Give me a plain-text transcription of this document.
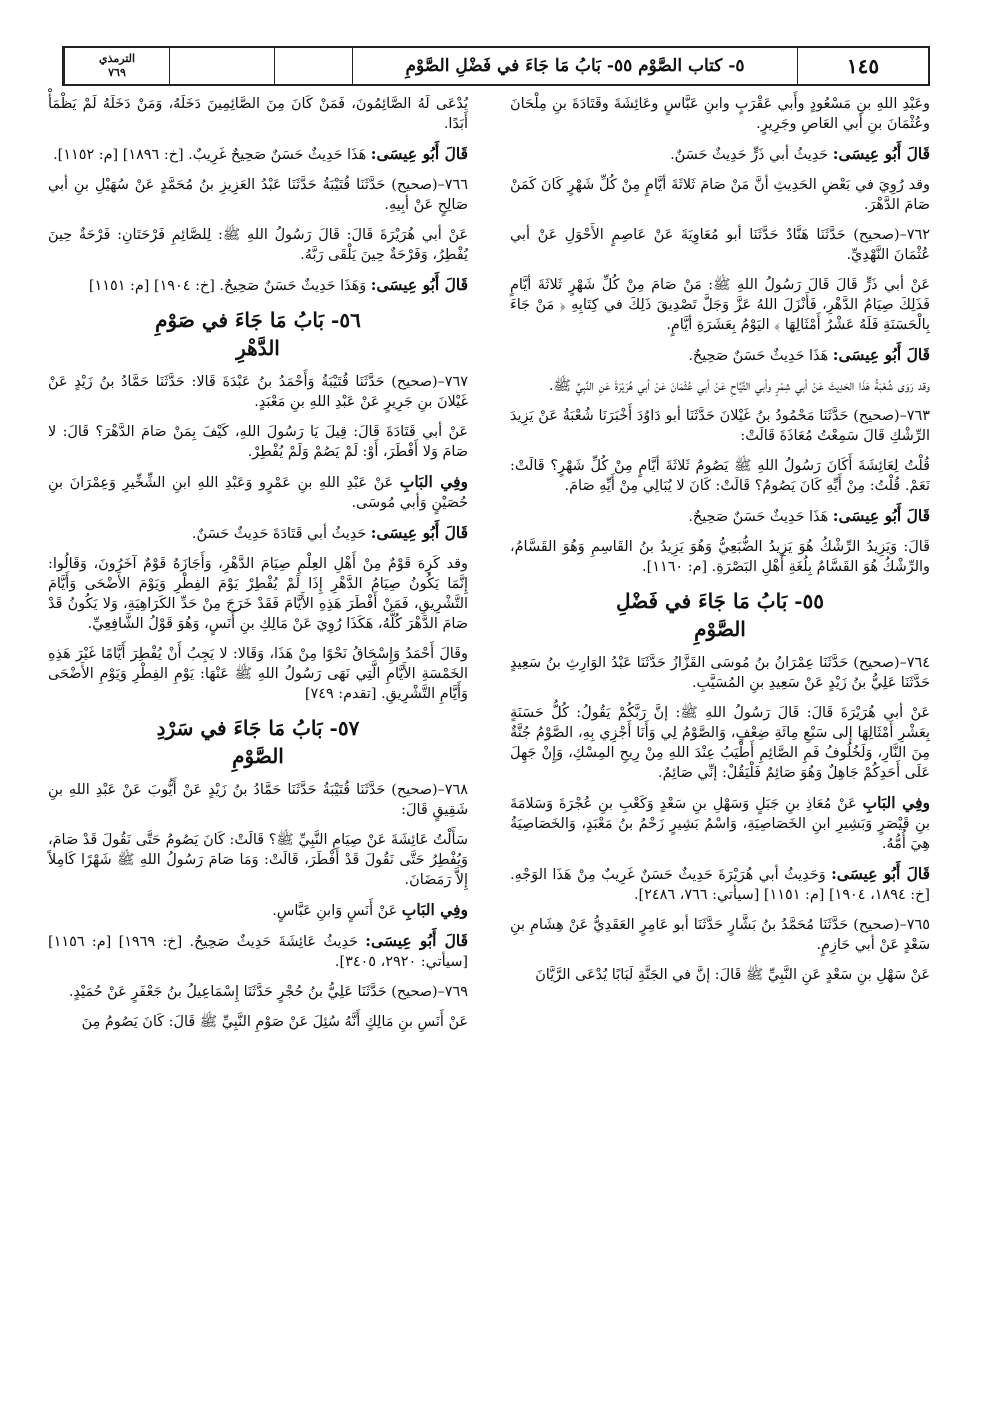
١٤٥
٥- كتاب الصَّوْم ٥٥- بَابُ مَا جَاءَ في فَضْلِ الصَّوْمِ
الترمذي
٧٦٩

وعَبْدِ اللهِ بنِ مَسْعُودٍ وأَبي عَقْرَبٍ وابنِ عَبَّاسٍ وعَائِشَةَ وقَتَادَةَ بنِ مِلْحَانَ وعُثْمَانَ بنِ أبي العَاصِ وجَرِيرٍ.

قَالَ أَبُو عِيسَى: حَدِيثُ أبي ذَرٍّ حَدِيثٌ حَسَنٌ.

وقد رُوِيَ في بَعْضِ الحَدِيثِ أنَّ مَنْ صَامَ ثَلاثَةَ أيَّامٍ مِنْ كُلِّ شَهْرٍ كَانَ كَمَنْ صَامَ الدَّهْرَ.

٧٦٢–(صحيح) حَدَّثَنَا هَنَّادٌ حَدَّثَنَا أبو مُعَاوِيَةَ عَنْ عَاصِمٍ الأَحْوَلِ عَنْ أبي عُثْمَانَ النَّهْدِيِّ.

عَنْ أبي ذَرٍّ قَالَ قَالَ رَسُولُ اللهِ ﷺ: مَنْ صَامَ مِنْ كُلِّ شَهْرٍ ثَلاثَةَ أيَّامٍ فَذَلِكَ صِيَامُ الدَّهْرِ، فَأَنْزَلَ اللهُ عَزَّ وَجَلَّ تَصْدِيقَ ذَلِكَ في كِتَابِهِ ﴿ مَنْ جَاءَ بِالْحَسَنَةِ فَلَهُ عَشْرُ أَمْثَالِهَا ﴾ اليَوْمُ بِعَشَرَةِ أيَّامٍ.

قَالَ أَبُو عِيسَى: هَذَا حَدِيثٌ حَسَنٌ صَحِيحٌ.

وقد رَوَى شُعْبَةُ هَذَا الحَدِيثَ عَنْ أبي شِمْرٍ وأبي التَّيَّاحِ عَنْ أبي عُثْمَانَ عَنْ أبي هُرَيْرَةَ عَنِ النَّبِيِّ ﷺ.

٧٦٣–(صحيح) حَدَّثَنَا مَحْمُودُ بنُ غَيْلانَ حَدَّثَنَا أبو دَاوُدَ أَخْبَرَنَا شُعْبَةُ عَنْ يَزِيدَ الرِّشْكِ قَالَ سَمِعْتُ مُعَاذَةَ قَالَتْ:

قُلْتُ لِعَائِشَةَ أَكَانَ رَسُولُ اللهِ ﷺ يَصُومُ ثَلاثَةَ أيَّامٍ مِنْ كُلِّ شَهْرٍ؟ قَالَتْ: نَعَمْ. قُلْتُ: مِنْ أَيِّهِ كَانَ يَصُومُ؟ قَالَتْ: كَانَ لا يُبَالِي مِنْ أَيِّهِ صَامَ.

قَالَ أَبُو عِيسَى: هَذَا حَدِيثٌ حَسَنٌ صَحِيحٌ.

قَالَ: وَيَزِيدُ الرِّشْكُ هُوَ يَزِيدُ الضُّبَعِيُّ وَهُوَ يَزِيدُ بنُ القَاسِمِ وَهُوَ القَسَّامُ، والرِّشْكُ هُوَ القَسَّامُ بِلُغَةِ أَهْلِ البَصْرَةِ. [م: ١١٦٠].

٥٥- بَابُ مَا جَاءَ في فَضْلِ
الصَّوْمِ

٧٦٤–(صحيح) حَدَّثَنَا عِمْرَانُ بنُ مُوسَى القَزَّازُ حَدَّثَنَا عَبْدُ الوَارِثِ بنُ سَعِيدٍ حَدَّثَنَا عَلِيُّ بنُ زَيْدٍ عَنْ سَعِيدِ بنِ المُسَيَّبِ.

عَنْ أبي هُرَيْرَةَ قَالَ: قَالَ رَسُولُ اللهِ ﷺ: إنَّ رَبَّكُمْ يَقُولُ: كُلُّ حَسَنَةٍ بِعَشْرِ أَمْثَالِهَا إلى سَبْعِ مِائَةِ ضِعْفٍ، وَالصَّوْمُ لِي وَأَنَا أَجْزِي بِهِ، الصَّوْمُ جُنَّةٌ مِنَ النَّارِ، وَلَخُلُوفُ فَمِ الصَّائِمِ أَطْيَبُ عِنْدَ اللهِ مِنْ رِيحِ المِسْكِ، وَإِنْ جَهِلَ عَلَى أَحَدِكُمْ جَاهِلٌ وَهُوَ صَائِمٌ فَلْيَقُلْ: إنِّي صَائِمٌ.

وفِي البَابِ عَنْ مُعَاذِ بنِ جَبَلٍ وَسَهْلِ بنِ سَعْدٍ وَكَعْبِ بنِ عُجْرَةَ وَسَلامَةَ بنِ قَيْصَرٍ وَبَشِيرِ ابنِ الخَصَاصِيَةِ، وَاسْمُ بَشِيرٍ زَحْمُ بنُ مَعْبَدٍ، وَالخَصَاصِيَةُ هِيَ أُمُّهُ.

قَالَ أَبُو عِيسَى: وَحَدِيثُ أبي هُرَيْرَةَ حَدِيثٌ حَسَنٌ غَرِيبٌ مِنْ هَذَا الوَجْهِ. [خ: ١٨٩٤، ١٩٠٤] [م: ١١٥١] [سيأتي: ٧٦٦، ٢٤٨٦].

٧٦٥–(صحيح) حَدَّثَنَا مُحَمَّدُ بنُ بَشَّارٍ حَدَّثَنَا أبو عَامِرٍ العَقَدِيُّ عَنْ هِشَامِ بنِ سَعْدٍ عَنْ أبي حَازِمٍ.

عَنْ سَهْلِ بنِ سَعْدٍ عَنِ النَّبِيِّ ﷺ قَالَ: إنَّ في الجَنَّةِ لَبَابًا يُدْعَى الرَّيَّانَ

يُدْعَى لَهُ الصَّائِمُونَ، فَمَنْ كَانَ مِنَ الصَّائِمِينَ دَخَلَهُ، وَمَنْ دَخَلَهُ لَمْ يَظْمَأْ أَبَدًا.

قَالَ أَبُو عِيسَى: هَذَا حَدِيثٌ حَسَنٌ صَحِيحٌ غَرِيبٌ. [خ: ١٨٩٦] [م: ١١٥٢].

٧٦٦–(صحيح) حَدَّثَنَا قُتَيْبَةُ حَدَّثَنَا عَبْدُ العَزِيزِ بنُ مُحَمَّدٍ عَنْ سُهَيْلِ بنِ أبي صَالِحٍ عَنْ أبِيهِ.

عَنْ أبي هُرَيْرَةَ قَالَ: قَالَ رَسُولُ اللهِ ﷺ: لِلصَّائِمِ فَرْحَتَانِ: فَرْحَةٌ حِينَ يُفْطِرُ، وَفَرْحَةٌ حِينَ يَلْقَى رَبَّهُ.

قَالَ أَبُو عِيسَى: وَهَذَا حَدِيثٌ حَسَنٌ صَحِيحٌ. [خ: ١٩٠٤] [م: ١١٥١]

٥٦- بَابُ مَا جَاءَ في صَوْمِ
الدَّهْرِ

٧٦٧–(صحيح) حَدَّثَنَا قُتَيْبَةُ وَأَحْمَدُ بنُ عَبْدَةَ قَالا: حَدَّثَنَا حَمَّادُ بنُ زَيْدٍ عَنْ غَيْلانَ بنِ جَرِيرٍ عَنْ عَبْدِ اللهِ بنِ مَعْبَدٍ.

عَنْ أبي قَتَادَةَ قَالَ: قِيلَ يَا رَسُولَ اللهِ، كَيْفَ بِمَنْ صَامَ الدَّهْرَ؟ قَالَ: لا صَامَ وَلا أَفْطَرَ، أَوْ: لَمْ يَصُمْ وَلَمْ يُفْطِرْ.

وفِي البَابِ عَنْ عَبْدِ اللهِ بنِ عَمْرٍو وَعَبْدِ اللهِ ابنِ الشِّخِّيرِ وَعِمْرَانَ بنِ حُصَيْنٍ وَأبي مُوسَى.

قَالَ أَبُو عِيسَى: حَدِيثُ أبي قَتَادَةَ حَدِيثٌ حَسَنٌ.

وقد كَرِهَ قَوْمٌ مِنْ أَهْلِ العِلْمِ صِيَامَ الدَّهْرِ، وَأَجَازَهُ قَوْمٌ آخَرُونَ، وَقَالُوا: إِنَّمَا يَكُونُ صِيَامُ الدَّهْرِ إِذَا لَمْ يُفْطِرْ يَوْمَ الفِطْرِ وَيَوْمَ الأَضْحَى وَأَيَّامَ التَّشْرِيقِ، فَمَنْ أَفْطَرَ هَذِهِ الأَيَّامَ فَقَدْ خَرَجَ مِنْ حَدِّ الكَرَاهِيَةِ، وَلا يَكُونُ قَدْ صَامَ الدَّهْرَ كُلَّهُ، هَكَذَا رُوِيَ عَنْ مَالِكِ بنِ أَنَسٍ، وَهُوَ قَوْلُ الشَّافِعِيِّ.

وقَالَ أَحْمَدُ وَإِسْحَاقُ نَحْوًا مِنْ هَذَا، وَقَالا: لا يَجِبُ أَنْ يُفْطِرَ أَيَّامًا غَيْرَ هَذِهِ الخَمْسَةِ الأَيَّامِ الَّتِي نَهَى رَسُولُ اللهِ ﷺ عَنْهَا: يَوْمِ الفِطْرِ وَيَوْمِ الأَضْحَى وَأَيَّامِ التَّشْرِيقِ. [تقدم: ٧٤٩]

٥٧- بَابُ مَا جَاءَ في سَرْدِ
الصَّوْمِ

٧٦٨–(صحيح) حَدَّثَنَا قُتَيْبَةُ حَدَّثَنَا حَمَّادُ بنُ زَيْدٍ عَنْ أَيُّوبَ عَنْ عَبْدِ اللهِ بنِ شَقِيقٍ قَالَ:

سَأَلْتُ عَائِشَةَ عَنْ صِيَامِ النَّبِيِّ ﷺ؟ قَالَتْ: كَانَ يَصُومُ حَتَّى نَقُولَ قَدْ صَامَ، وَيُفْطِرُ حَتَّى نَقُولَ قَدْ أَفْطَرَ، قَالَتْ: وَمَا صَامَ رَسُولُ اللهِ ﷺ شَهْرًا كَامِلاً إِلاَّ رَمَضَانَ.

وفِي البَابِ عَنْ أَنَسٍ وَابنِ عَبَّاسٍ.

قَالَ أَبُو عِيسَى: حَدِيثُ عَائِشَةَ حَدِيثٌ صَحِيحٌ. [خ: ١٩٦٩] [م: ١١٥٦] [سيأتي: ٢٩٢٠، ٣٤٠٥].

٧٦٩–(صحيح) حَدَّثَنَا عَلِيُّ بنُ حُجْرٍ حَدَّثَنَا إِسْمَاعِيلُ بنُ جَعْفَرٍ عَنْ حُمَيْدٍ.

عَنْ أَنَسِ بنِ مَالِكٍ أَنَّهُ سُئِلَ عَنْ صَوْمِ النَّبِيِّ ﷺ قَالَ: كَانَ يَصُومُ مِنَ
